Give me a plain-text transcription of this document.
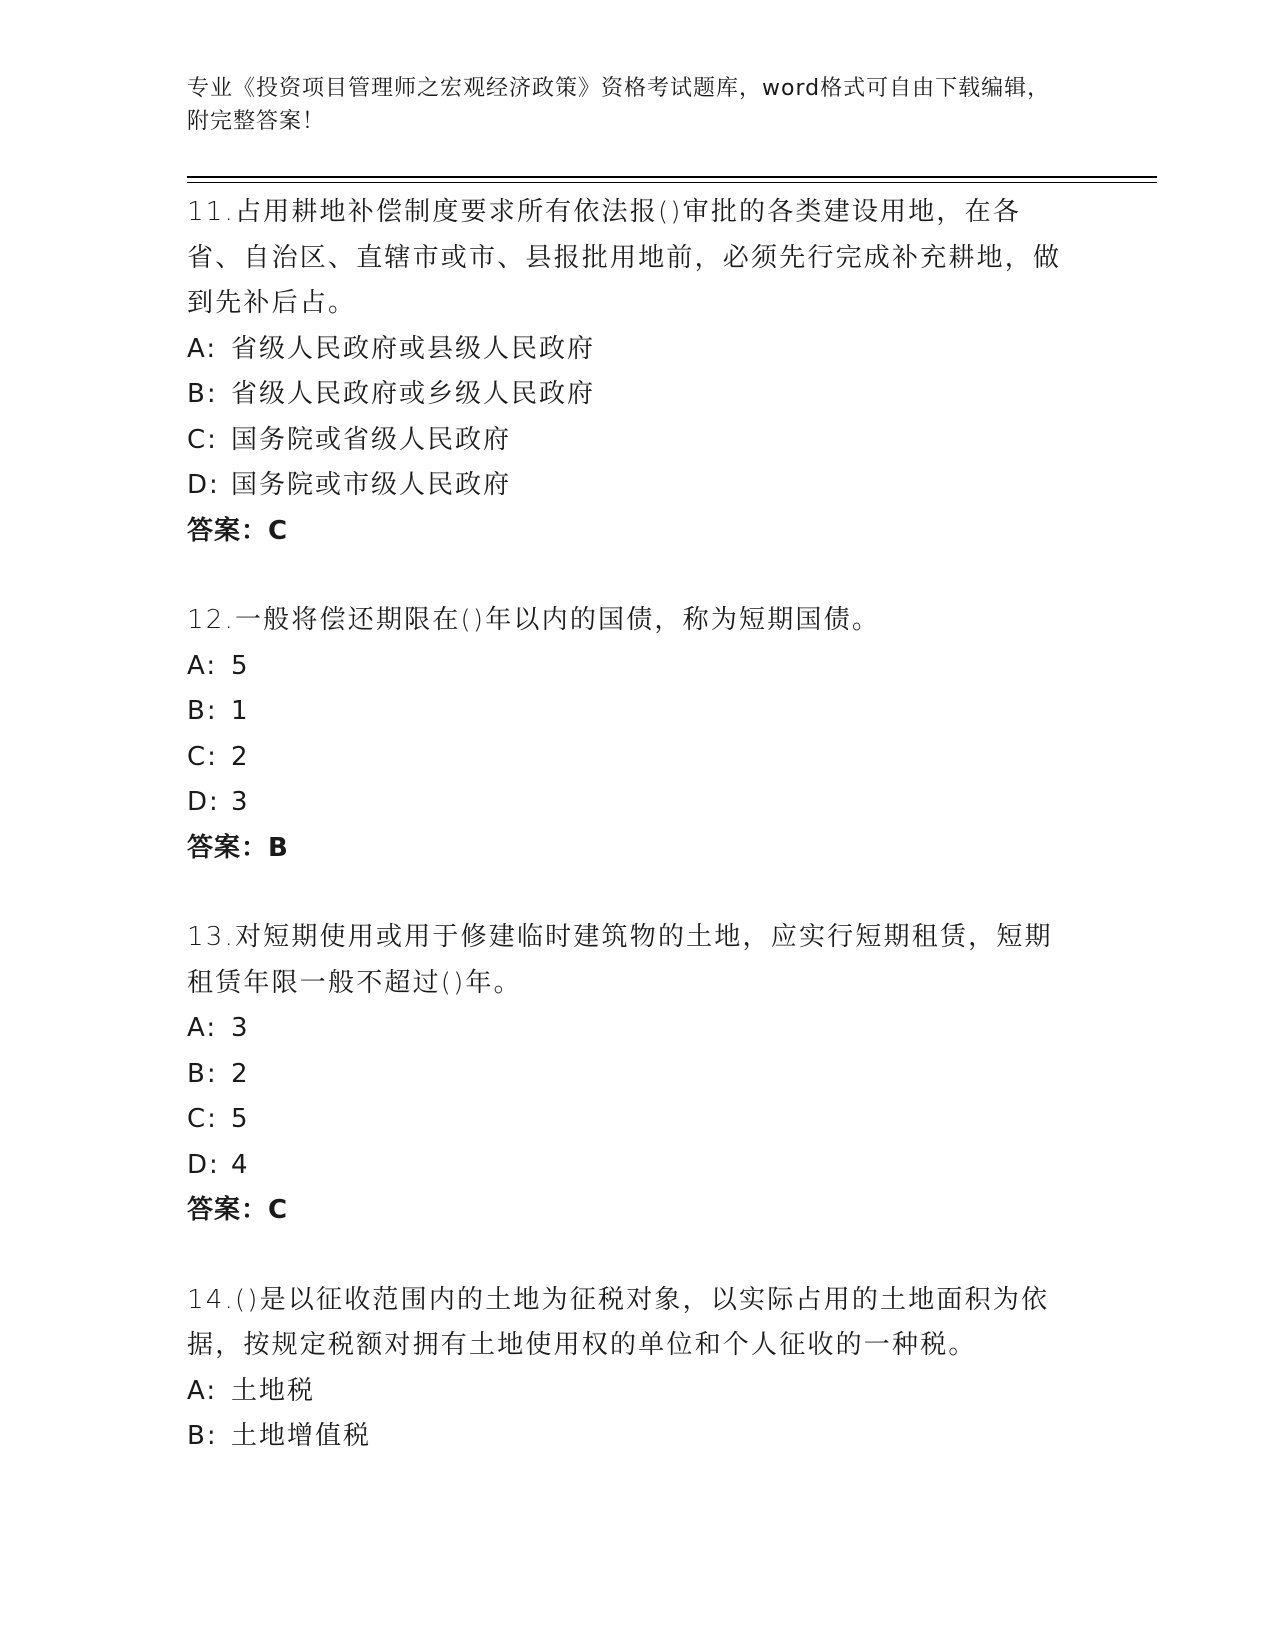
专业《投资项目管理师之宏观经济政策》资格考试题库，word格式可自由下载编辑，附完整答案！

11.占用耕地补偿制度要求所有依法报()审批的各类建设用地，在各省、自治区、直辖市或市、县报批用地前，必须先行完成补充耕地，做到先补后占。

A: 省级人民政府或县级人民政府
B: 省级人民政府或乡级人民政府
C: 国务院或省级人民政府
D: 国务院或市级人民政府
答案：C

12.一般将偿还期限在()年以内的国债，称为短期国债。

A: 5
B: 1
C: 2
D: 3
答案：B

13.对短期使用或用于修建临时建筑物的土地，应实行短期租赁，短期租赁年限一般不超过()年。

A: 3
B: 2
C: 5
D: 4
答案：C

14.()是以征收范围内的土地为征税对象，以实际占用的土地面积为依据，按规定税额对拥有土地使用权的单位和个人征收的一种税。

A: 土地税
B: 土地增值税
